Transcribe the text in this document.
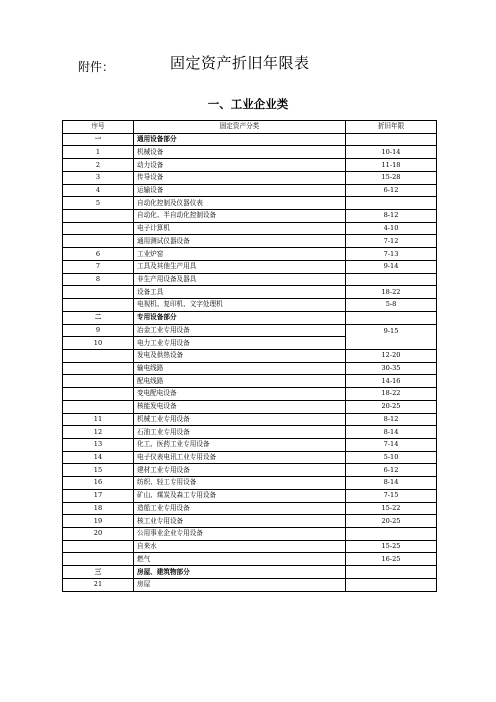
附件：	固定资产折旧年限表
一、工业企业类
序号	固定资产分类	折旧年限
一	通用设备部分	
1	机械设备	10-14
2	动力设备	11-18
3	传导设备	15-28
4	运输设备	6-12
5	自动化控制及仪器仪表	
	自动化、半自动化控制设备	8-12
	电子计算机	4-10
	通用测试仪器设备	7-12
6	工业炉窑	7-13
7	工具及其他生产用具	9-14
8	非生产用设备及器具	
	设备工具	18-22
	电视机、复印机、文字处理机	5-8
二	专用设备部分	
9	冶金工业专用设备	9-15
10	电力工业专用设备	
	发电及供热设备	12-20
	输电线路	30-35
	配电线路	14-16
	变电配电设备	18-22
	核能发电设备	20-25
11	机械工业专用设备	8-12
12	石油工业专用设备	8-14
13	化工、医药工业专用设备	7-14
14	电子仪表电讯工业专用设备	5-10
15	建材工业专用设备	6-12
16	纺织、轻工专用设备	8-14
17	矿山、煤炭及森工专用设备	7-15
18	造船工业专用设备	15-22
19	核工业专用设备	20-25
20	公用事业企业专用设备	
	自来水	15-25
	燃气	16-25
三	房屋、建筑物部分	
21	房屋	
